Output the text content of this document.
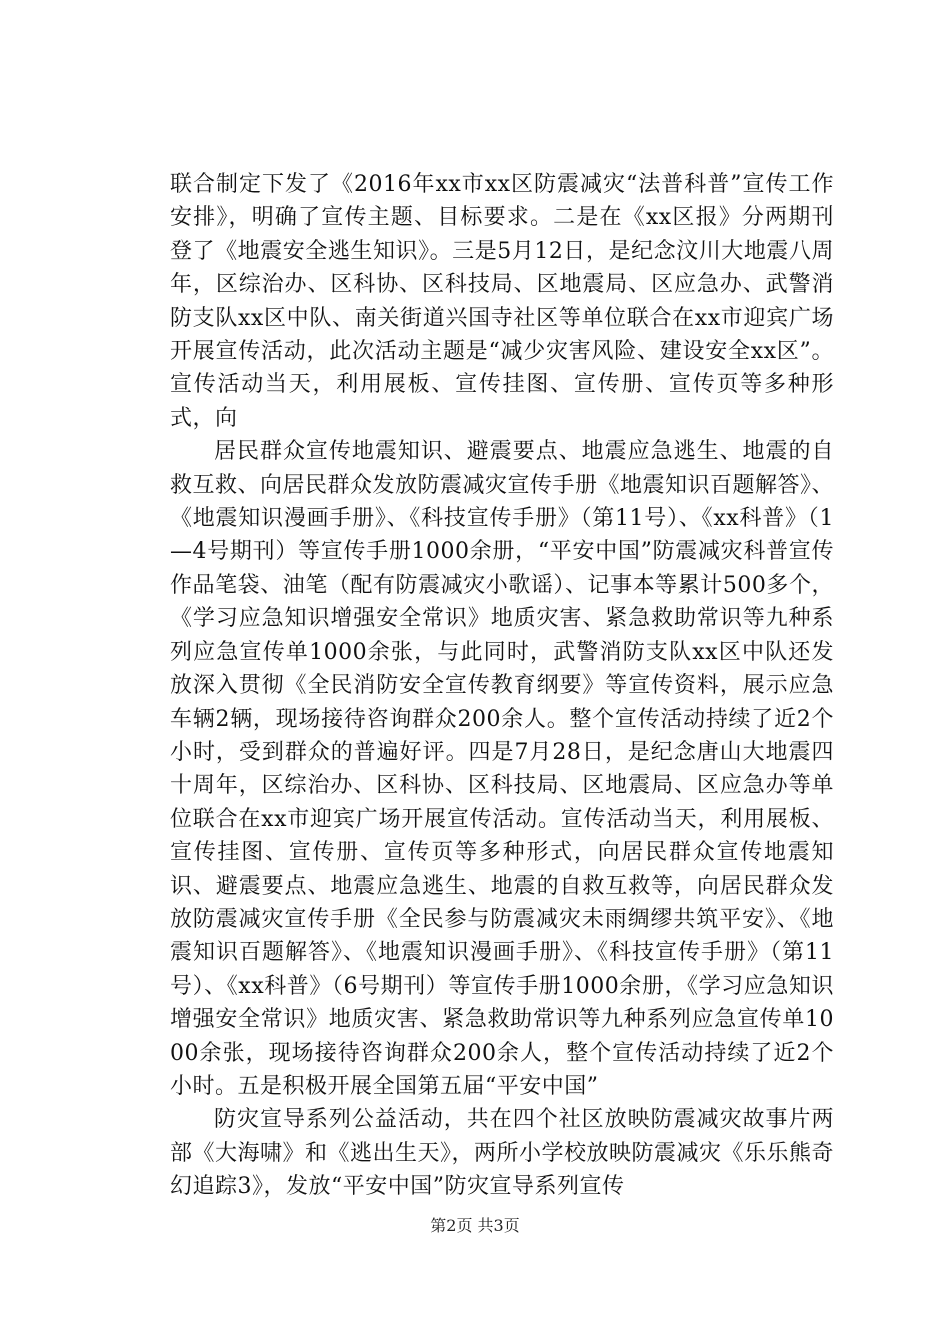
联合制定下发了《2016年xx市xx区防震减灾“法普科普”宣传工作安排》，明确了宣传主题、目标要求。二是在《xx区报》分两期刊登了《地震安全逃生知识》。三是5月12日，是纪念汶川大地震八周年，区综治办、区科协、区科技局、区地震局、区应急办、武警消防支队xx区中队、南关街道兴国寺社区等单位联合在xx市迎宾广场开展宣传活动，此次活动主题是“减少灾害风险、建设安全xx区”。宣传活动当天，利用展板、宣传挂图、宣传册、宣传页等多种形式，向

居民群众宣传地震知识、避震要点、地震应急逃生、地震的自救互救、向居民群众发放防震减灾宣传手册《地震知识百题解答》、《地震知识漫画手册》、《科技宣传手册》（第11号）、《xx科普》（1—4号期刊）等宣传手册1000余册，“平安中国”防震减灾科普宣传作品笔袋、油笔（配有防震减灾小歌谣）、记事本等累计500多个，《学习应急知识增强安全常识》地质灾害、紧急救助常识等九种系列应急宣传单1000余张，与此同时，武警消防支队xx区中队还发放深入贯彻《全民消防安全宣传教育纲要》等宣传资料，展示应急车辆2辆，现场接待咨询群众200余人。整个宣传活动持续了近2个小时，受到群众的普遍好评。四是7月28日，是纪念唐山大地震四十周年，区综治办、区科协、区科技局、区地震局、区应急办等单位联合在xx市迎宾广场开展宣传活动。宣传活动当天，利用展板、宣传挂图、宣传册、宣传页等多种形式，向居民群众宣传地震知识、避震要点、地震应急逃生、地震的自救互救等，向居民群众发放防震减灾宣传手册《全民参与防震减灾未雨绸缪共筑平安》、《地震知识百题解答》、《地震知识漫画手册》、《科技宣传手册》（第11号）、《xx科普》（6号期刊）等宣传手册1000余册，《学习应急知识增强安全常识》地质灾害、紧急救助常识等九种系列应急宣传单1000余张，现场接待咨询群众200余人，整个宣传活动持续了近2个小时。五是积极开展全国第五届“平安中国”

防灾宣导系列公益活动，共在四个社区放映防震减灾故事片两部《大海啸》和《逃出生天》，两所小学校放映防震减灾《乐乐熊奇幻追踪3》，发放“平安中国”防灾宣导系列宣传

第2页 共3页
